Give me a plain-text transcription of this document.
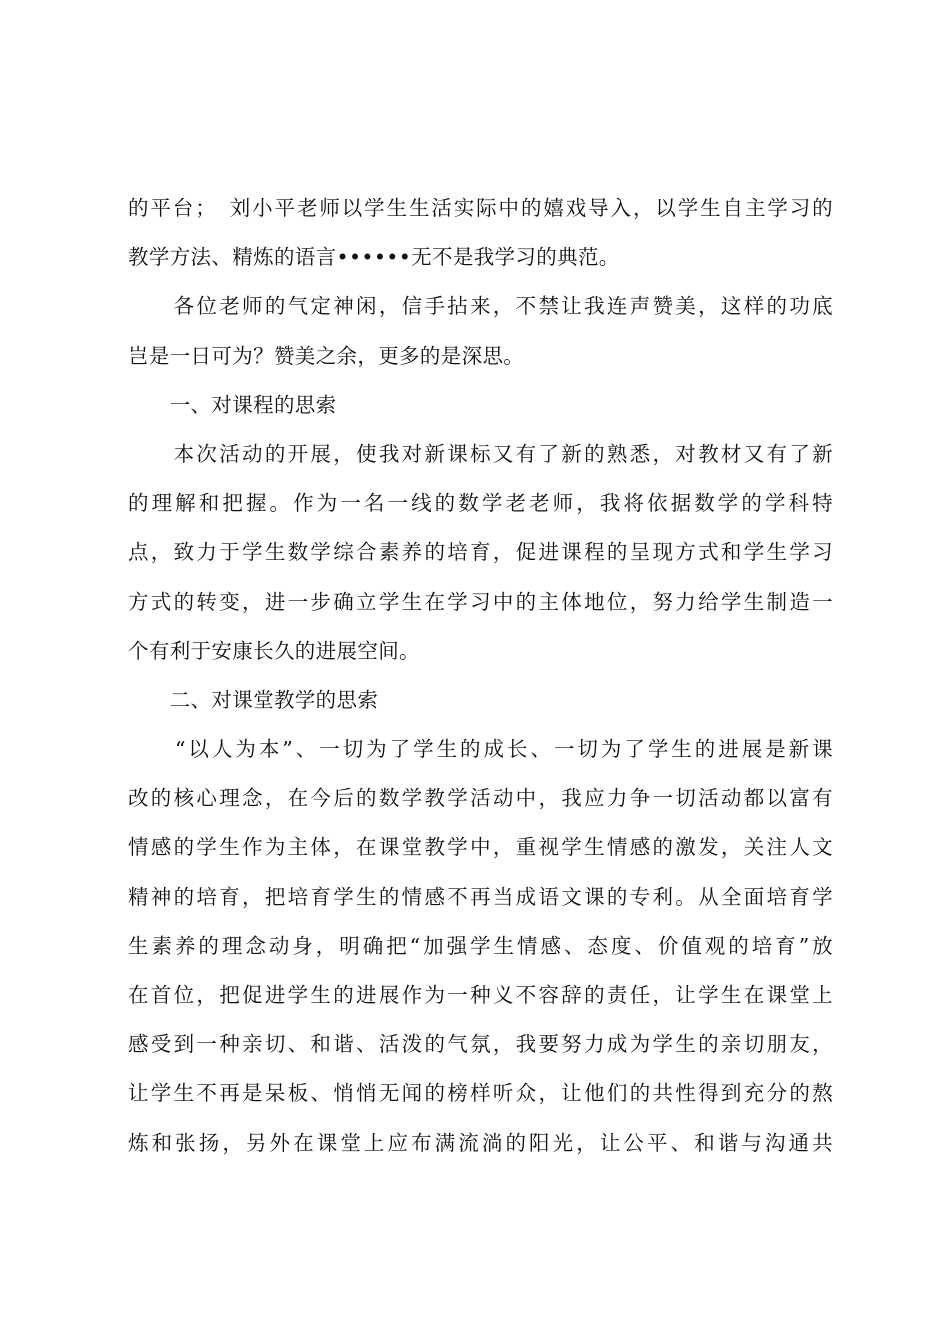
的平台；　刘小平老师以学生生活实际中的嬉戏导入，以学生自主学习的
教学方法、精炼的语言••••••无不是我学习的典范。
　　各位老师的气定神闲，信手拈来，不禁让我连声赞美，这样的功底
岂是一日可为？赞美之余，更多的是深思。
　　一、对课程的思索
　　本次活动的开展，使我对新课标又有了新的熟悉，对教材又有了新
的理解和把握。作为一名一线的数学老老师，我将依据数学的学科特
点，致力于学生数学综合素养的培育，促进课程的呈现方式和学生学习
方式的转变，进一步确立学生在学习中的主体地位，努力给学生制造一
个有利于安康长久的进展空间。
　　二、对课堂教学的思索
　　“以人为本”、一切为了学生的成长、一切为了学生的进展是新课
改的核心理念，在今后的数学教学活动中，我应力争一切活动都以富有
情感的学生作为主体，在课堂教学中，重视学生情感的激发，关注人文
精神的培育，把培育学生的情感不再当成语文课的专利。从全面培育学
生素养的理念动身，明确把“加强学生情感、态度、价值观的培育”放
在首位，把促进学生的进展作为一种义不容辞的责任，让学生在课堂上
感受到一种亲切、和谐、活泼的气氛，我要努力成为学生的亲切朋友，
让学生不再是呆板、悄悄无闻的榜样听众，让他们的共性得到充分的熬
炼和张扬，另外在课堂上应布满流淌的阳光，让公平、和谐与沟通共
